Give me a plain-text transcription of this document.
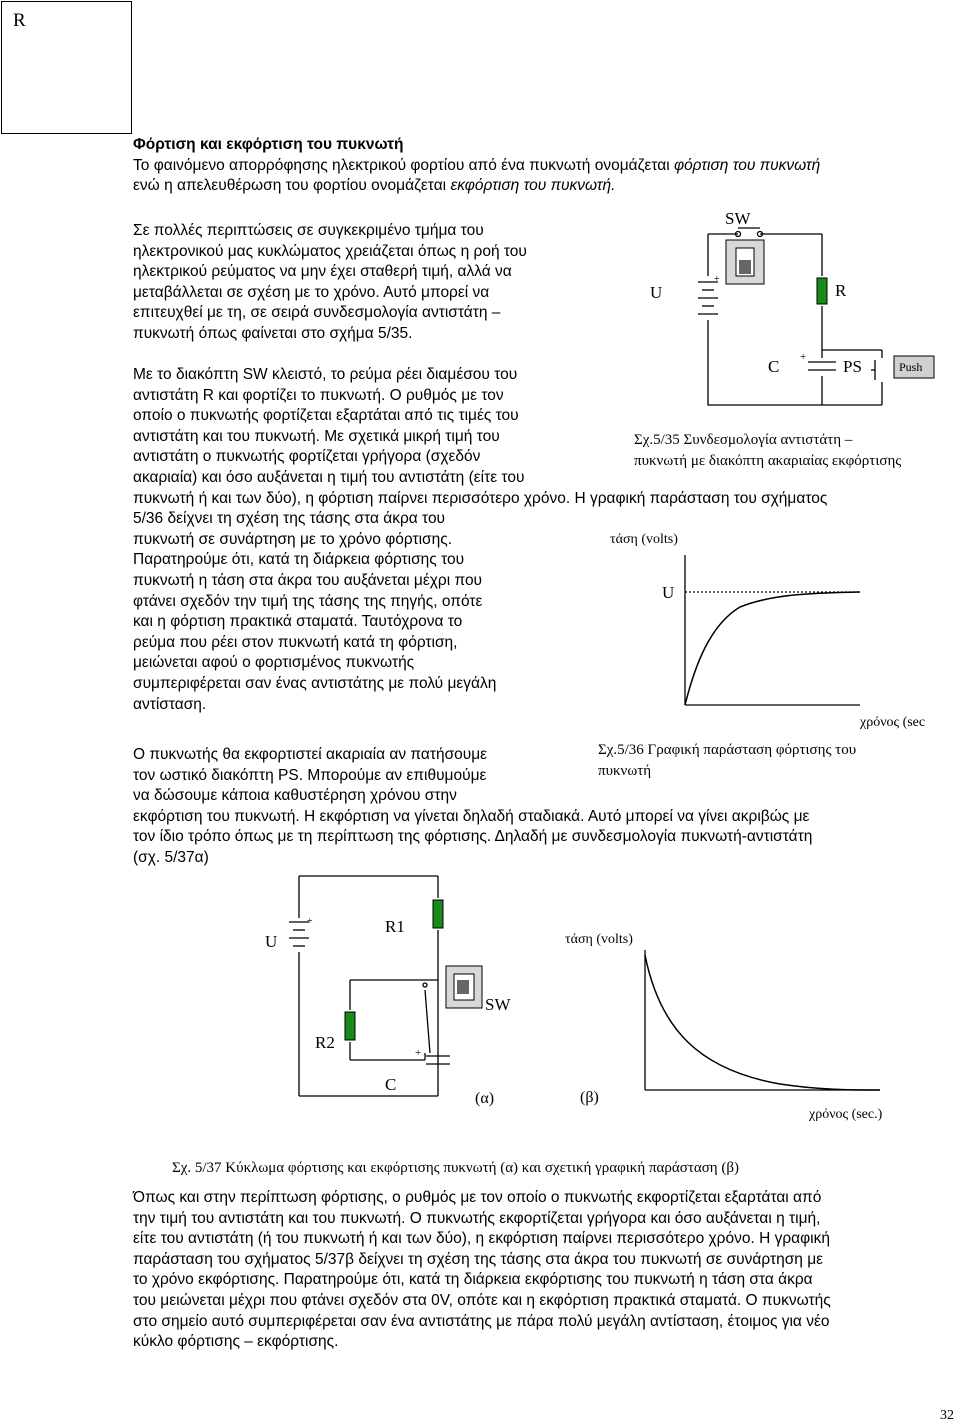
R
Φόρτιση και εκφόρτιση του πυκνωτή
Το φαινόμενο απορρόφησης ηλεκτρικού φορτίου από ένα πυκνωτή ονομάζεται φόρτιση του πυκνωτή
ενώ η απελευθέρωση του φορτίου ονομάζεται εκφόρτιση του πυκνωτή.
Σε πολλές περιπτώσεις σε συγκεκριμένο τμήμα του
ηλεκτρονικού μας κυκλώματος χρειάζεται όπως η ροή του
ηλεκτρικού ρεύματος να μην έχει σταθερή τιμή, αλλά να
μεταβάλλεται σε σχέση με το χρόνο. Αυτό μπορεί να
επιτευχθεί με τη, σε σειρά συνδεσμολογία αντιστάτη –
πυκνωτή όπως φαίνεται στο σχήμα 5/35.
Με το διακόπτη SW κλειστό, το ρεύμα ρέει διαμέσου του
αντιστάτη R και φορτίζει το πυκνωτή. Ο ρυθμός με τον
οποίο ο πυκνωτής φορτίζεται εξαρτάται από τις τιμές του
αντιστάτη και του πυκνωτή. Με σχετικά μικρή τιμή του
αντιστάτη ο πυκνωτής φορτίζεται γρήγορα (σχεδόν
ακαριαία) και όσο αυξάνεται η τιμή του αντιστάτη (είτε του
πυκνωτή ή και των δύο), η φόρτιση παίρνει περισσότερο χρόνο. Η γραφική παράσταση του σχήματος
5/36 δείχνει τη σχέση της τάσης στα άκρα του
πυκνωτή σε συνάρτηση με το χρόνο φόρτισης.
Παρατηρούμε ότι, κατά τη διάρκεια φόρτισης του
πυκνωτή η τάση στα άκρα του αυξάνεται μέχρι που
φτάνει σχεδόν την τιμή της τάσης της πηγής, οπότε
και η φόρτιση πρακτικά σταματά. Ταυτόχρονα το
ρεύμα που ρέει στον πυκνωτή κατά τη φόρτιση,
μειώνεται αφού ο φορτισμένος πυκνωτής
συμπεριφέρεται σαν ένας αντιστάτης με πολύ μεγάλη
αντίσταση.
Ο πυκνωτής θα εκφορτιστεί ακαριαία αν πατήσουμε
τον ωστικό διακόπτη PS. Μπορούμε αν επιθυμούμε
να δώσουμε κάποια καθυστέρηση χρόνου στην
εκφόρτιση του πυκνωτή. Η εκφόρτιση να γίνεται δηλαδή σταδιακά. Αυτό μπορεί να γίνει ακριβώς με
τον ίδιο τρόπο όπως με τη περίπτωση της φόρτισης. Δηλαδή με συνδεσμολογία πυκνωτή-αντιστάτη
(σχ. 5/37α)
Όπως και στην περίπτωση φόρτισης, ο ρυθμός με τον οποίο ο πυκνωτής εκφορτίζεται εξαρτάται από
την τιμή του αντιστάτη και του πυκνωτή. Ο πυκνωτής εκφορτίζεται γρήγορα και όσο αυξάνεται η τιμή,
είτε του αντιστάτη (ή του πυκνωτή ή και των δύο), η εκφόρτιση παίρνει περισσότερο χρόνο. Η γραφική
παράσταση του σχήματος 5/37β δείχνει τη σχέση της τάσης στα άκρα του πυκνωτή σε συνάρτηση με
το χρόνο εκφόρτισης. Παρατηρούμε ότι, κατά τη διάρκεια εκφόρτισης του πυκνωτή η τάση στα άκρα
του μειώνεται μέχρι που φτάνει σχεδόν στα 0V, οπότε και η εκφόρτιση πρακτικά σταματά. Ο πυκνωτής
στο σημείο αυτό συμπεριφέρεται σαν ένα αντιστάτης με πάρα πολύ μεγάλη αντίσταση, έτοιμος για νέο
κύκλο φόρτισης – εκφόρτισης.
+
+
Push
SW
U	R
C	PS
Σχ.5/35 Συνδεσμολογία αντιστάτη –
πυκνωτή με διακόπτη ακαριαίας εκφόρτισης
τάση (volts)
U
χρόνος (sec
Σχ.5/36 Γραφική παράσταση φόρτισης του
πυκνωτή
+
+
U
R1
SW
R2
C
(α)
τάση (volts)
(β)
χρόνος (sec.)
Σχ. 5/37 Κύκλωμα φόρτισης και εκφόρτισης πυκνωτή (α) και σχετική γραφική παράσταση (β)
32
